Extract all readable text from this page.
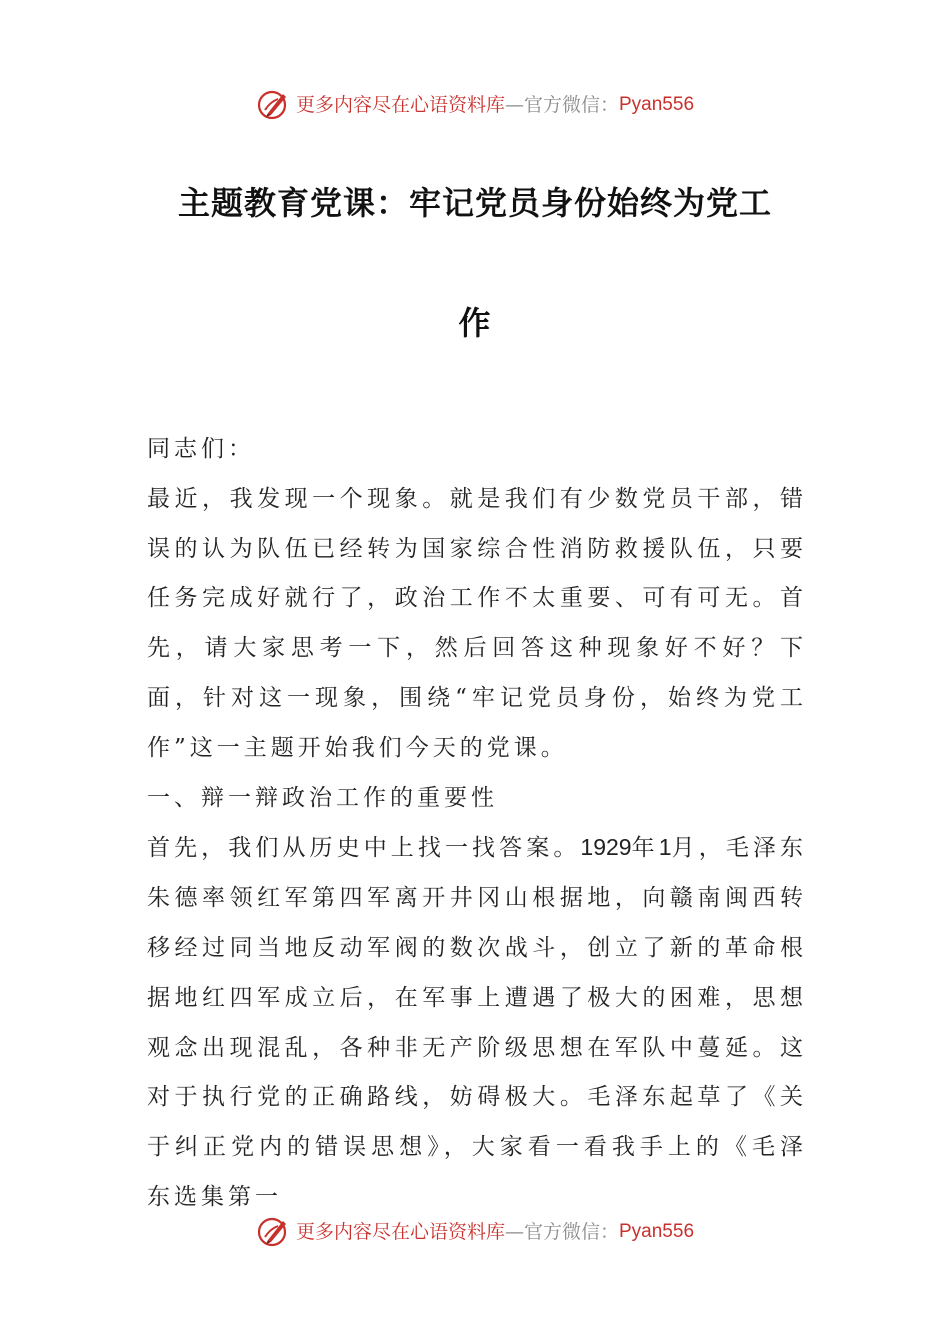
更多内容尽在心语资料库 — 官方微信： Pyan556
主题教育党课：牢记党员身份始终为党工
作

同志们：

最近，我发现一个现象。就是我们有少数党员干部，错误的认为队伍已经转为国家综合性消防救援队伍，只要任务完成好就行了，政治工作不太重要、可有可无。首先，请大家思考一下，然后回答这种现象好不好？下面，针对这一现象，围绕“牢记党员身份，始终为党工作”这一主题开始我们今天的党课。

一、辩一辩政治工作的重要性

首先，我们从历史中上找一找答案。1929年1月，毛泽东朱德率领红军第四军离开井冈山根据地，向赣南闽西转移经过同当地反动军阀的数次战斗，创立了新的革命根据地红四军成立后，在军事上遭遇了极大的困难，思想观念出现混乱，各种非无产阶级思想在军队中蔓延。这对于执行党的正确路线，妨碍极大。毛泽东起草了《关于纠正党内的错误思想》，大家看一看我手上的《毛泽东选集第一

更多内容尽在心语资料库 — 官方微信： Pyan556
